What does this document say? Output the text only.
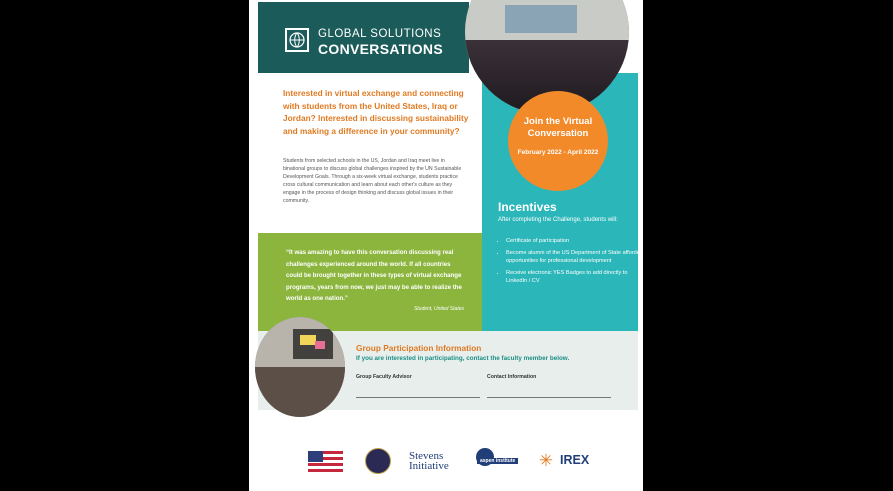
GLOBAL SOLUTIONS
CONVERSATIONS
Join the Virtual Conversation
February 2022 - April 2022
Incentives
After completing the Challenge, students will:
• Certificate of participation
• Become alumni of the US Department of State afforded opportunities for professional development
• Receive electronic YES Badges to add directly to LinkedIn / CV
Interested in virtual exchange and connecting with students from the United States, Iraq or Jordan? Interested in discussing sustainability and making a difference in your community?
Students from selected schools in the US, Jordan and Iraq meet live in binational groups to discuss global challenges inspired by the UN Sustainable Development Goals. Through a six-week virtual exchange, students practice cross cultural communication and learn about each other's culture as they engage in the process of design thinking and discuss global issues in their community.
“It was amazing to have this conversation discussing real challenges experienced around the world. If all countries could be brought together in these types of virtual exchange programs, years from now, we just may be able to realize the world as one nation.”
Student, United States
Group Participation Information
If you are interested in participating, contact the faculty member below.
Group Faculty Advisor	Contact Information
Stevens
Initiative	aspen institute ✳ IREX
